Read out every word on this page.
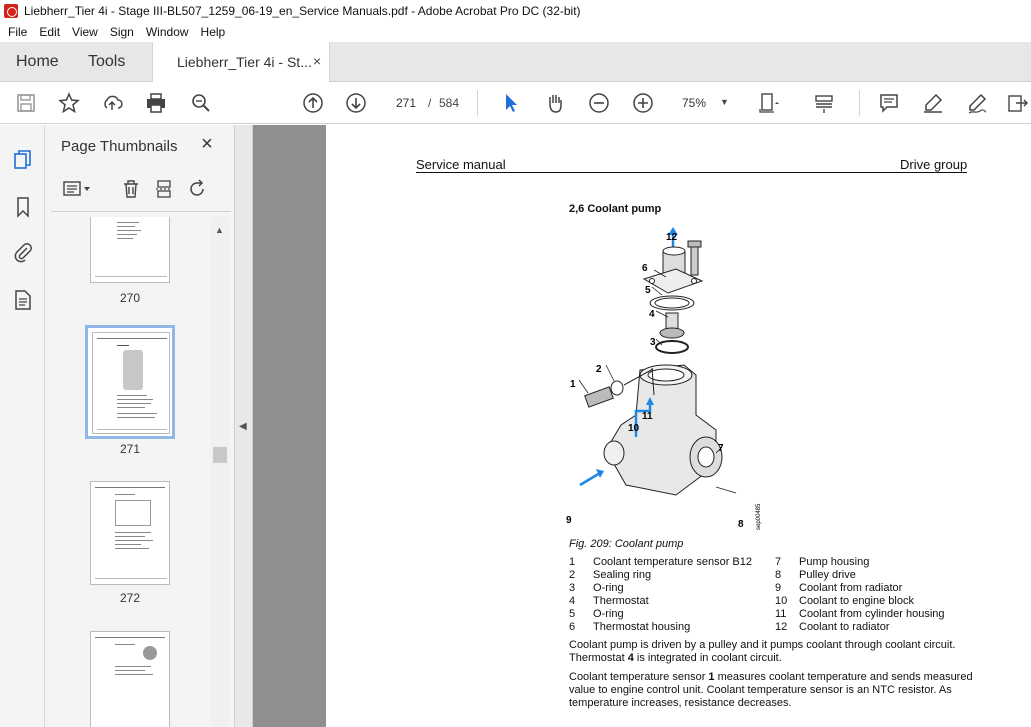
Liebherr_Tier 4i - Stage III-BL507_1259_06-19_en_Service Manuals.pdf - Adobe Acrobat Pro DC (32-bit)
File	Edit	View	Sign	Window	Help
Home Tools	Liebherr_Tier 4i - St... ×
271
/ 584	75% ▼
Page Thumbnails ×
270
271
272
▲
◀
Service manual	Drive group
2,6 Coolant pump
12
6
5
4
3
1
2
11
10
7
9	8 sep00485
Fig. 209: Coolant pump
1 Coolant temperature sensor B12 7 Pump housing
2 Sealing ring	8 Pulley drive
3 O-ring	9 Coolant from radiator
4 Thermostat	10 Coolant to engine block
5 O-ring	11 Coolant from cylinder housing
6 Thermostat housing	12 Coolant to radiator

Coolant pump is driven by a pulley and it pumps coolant through coolant circuit. Thermostat 4 is integrated in coolant circuit.

Coolant temperature sensor 1 measures coolant temperature and sends measured value to engine control unit. Coolant temperature sensor is an NTC resistor. As temperature increases, resistance decreases.
